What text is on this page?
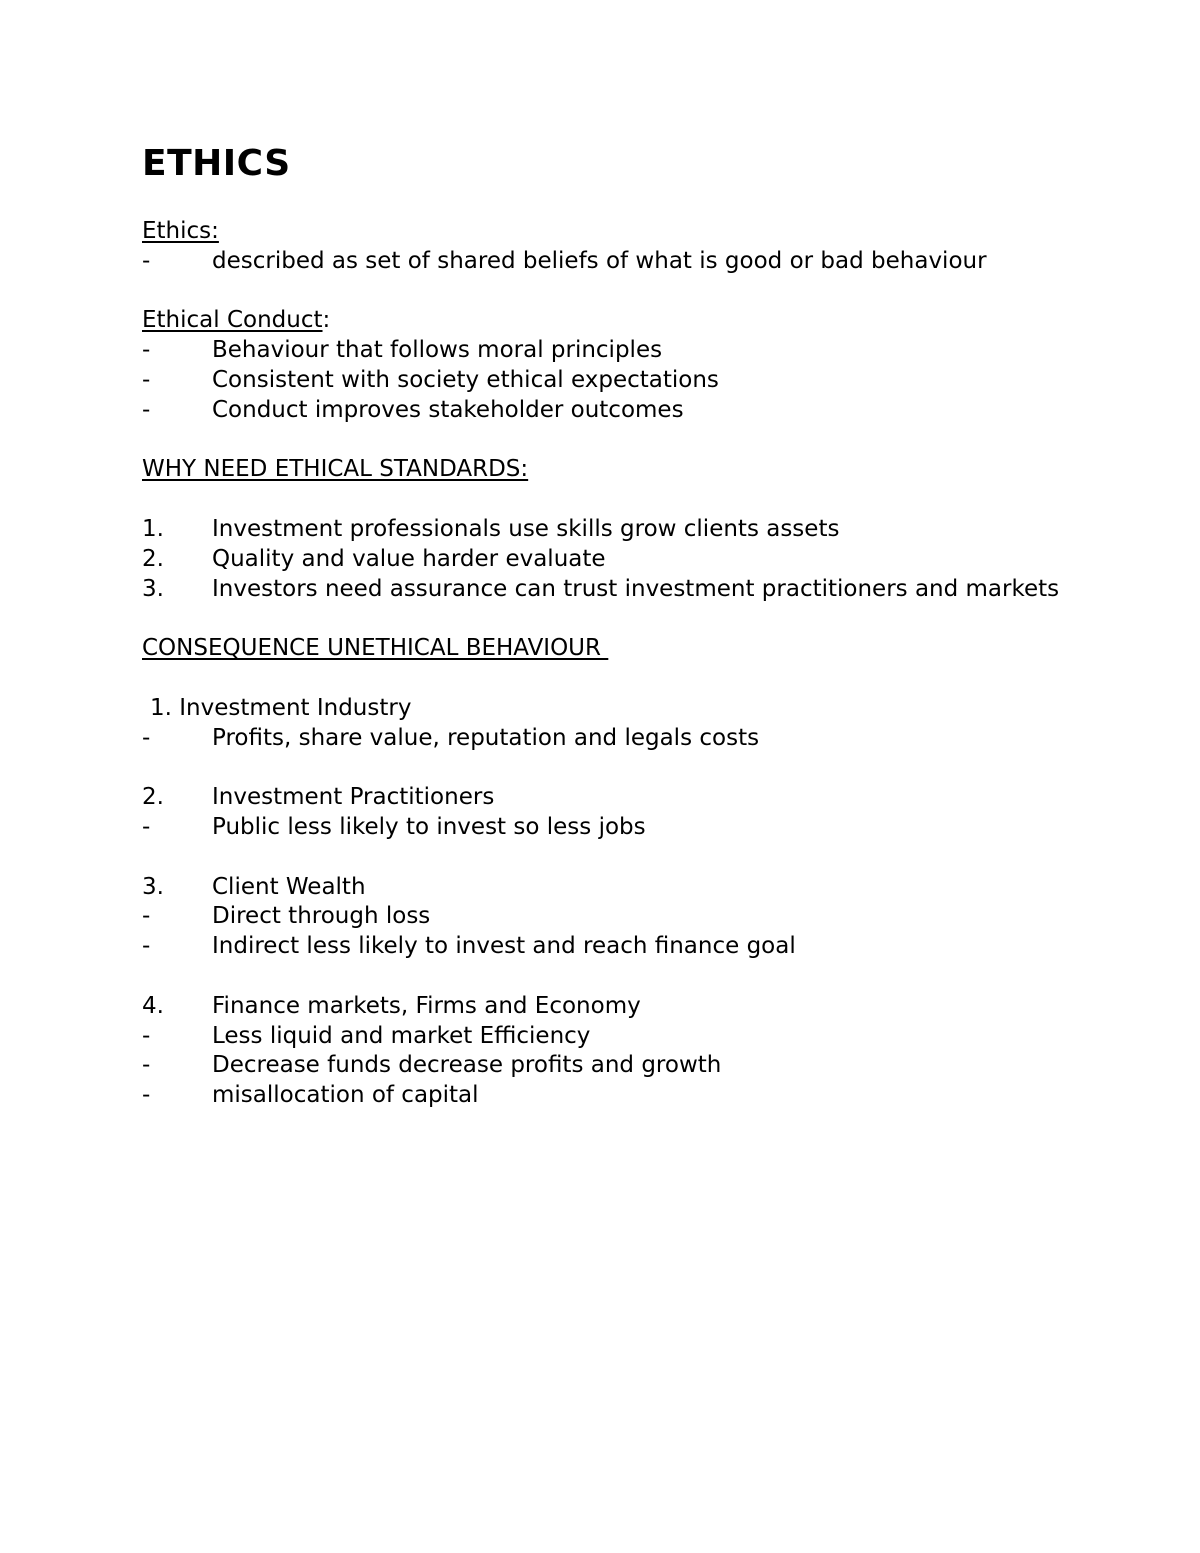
ETHICS
Ethics:
-	described as set of shared beliefs of what is good or bad behaviour
Ethical Conduct:
-	Behaviour that follows moral principles
-	Consistent with society ethical expectations
-	Conduct improves stakeholder outcomes
WHY NEED ETHICAL STANDARDS:
1.	Investment professionals use skills grow clients assets
2.	Quality and value harder evaluate
3. Investors need assurance can trust investment practitioners and markets
CONSEQUENCE UNETHICAL BEHAVIOUR
1. Investment Industry
-	Profits, share value, reputation and legals costs
2.	Investment Practitioners
-	Public less likely to invest so less jobs
3.	Client Wealth
-	Direct through loss
-	Indirect less likely to invest and reach finance goal
4.	Finance markets, Firms and Economy
-	Less liquid and market Efficiency
-	Decrease funds decrease profits and growth
-	misallocation of capital
